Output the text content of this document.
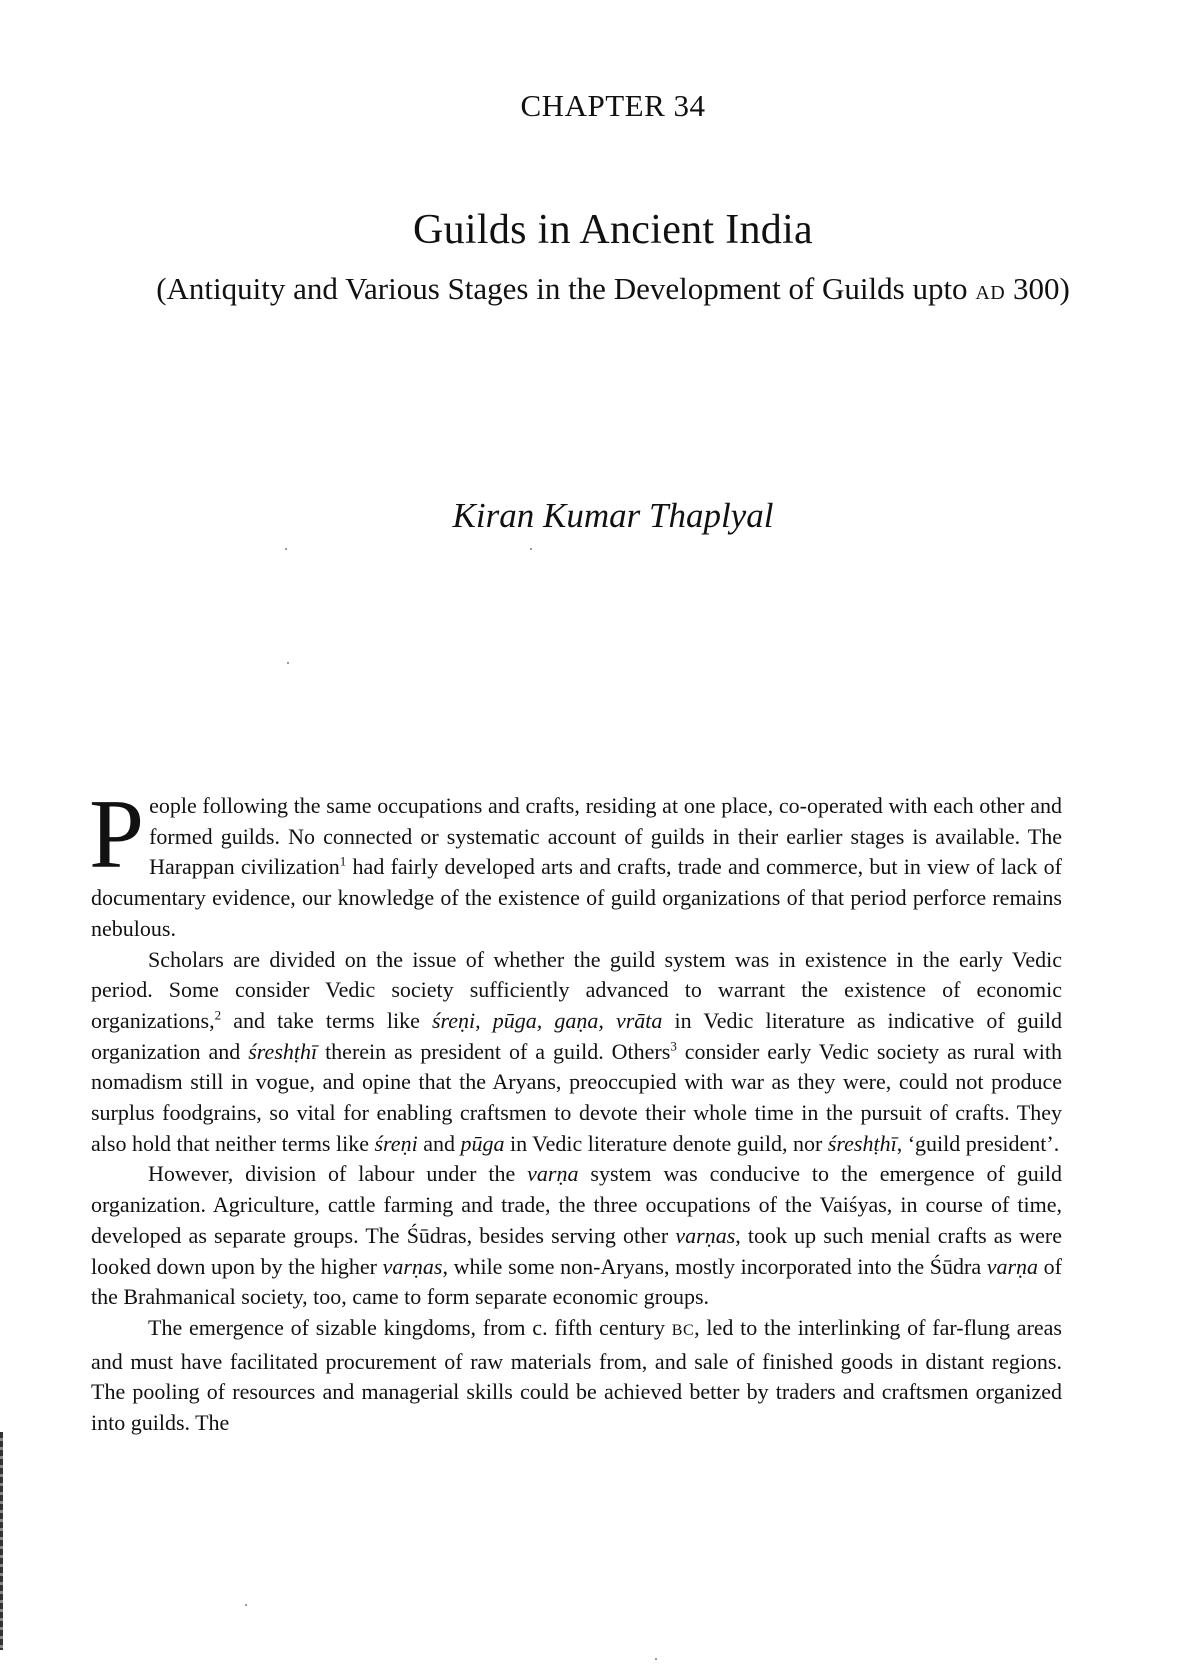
CHAPTER 34
Guilds in Ancient India
(Antiquity and Various Stages in the Development of Guilds upto AD 300)
Kiran Kumar Thaplyal

People following the same occupations and crafts, residing at one place, co-operated with each other and formed guilds. No connected or systematic account of guilds in their earlier stages is available. The Harappan civilization$^1$ had fairly developed arts and crafts, trade and commerce, but in view of lack of documentary evidence, our knowledge of the existence of guild organizations of that period perforce remains nebulous.

Scholars are divided on the issue of whether the guild system was in existence in the early Vedic period. Some consider Vedic society sufficiently advanced to warrant the existence of economic organizations,$^2$ and take terms like śreṇi, pūga, gaṇa, vrāta in Vedic literature as indicative of guild organization and śreshṭhī therein as president of a guild. Others$^3$ consider early Vedic society as rural with nomadism still in vogue, and opine that the Aryans, preoccupied with war as they were, could not produce surplus foodgrains, so vital for enabling craftsmen to devote their whole time in the pursuit of crafts. They also hold that neither terms like śreṇi and pūga in Vedic literature denote guild, nor śreshṭhī, ‘guild president’.

However, division of labour under the varṇa system was conducive to the emergence of guild organization. Agriculture, cattle farming and trade, the three occupations of the Vaiśyas, in course of time, developed as separate groups. The Śūdras, besides serving other varṇas, took up such menial crafts as were looked down upon by the higher varṇas, while some non-Aryans, mostly incorporated into the Śūdra varṇa of the Brahmanical society, too, came to form separate economic groups.

The emergence of sizable kingdoms, from c. fifth century BC, led to the interlinking of far-flung areas and must have facilitated procurement of raw materials from, and sale of finished goods in distant regions. The pooling of resources and managerial skills could be achieved better by traders and craftsmen organized into guilds. The
